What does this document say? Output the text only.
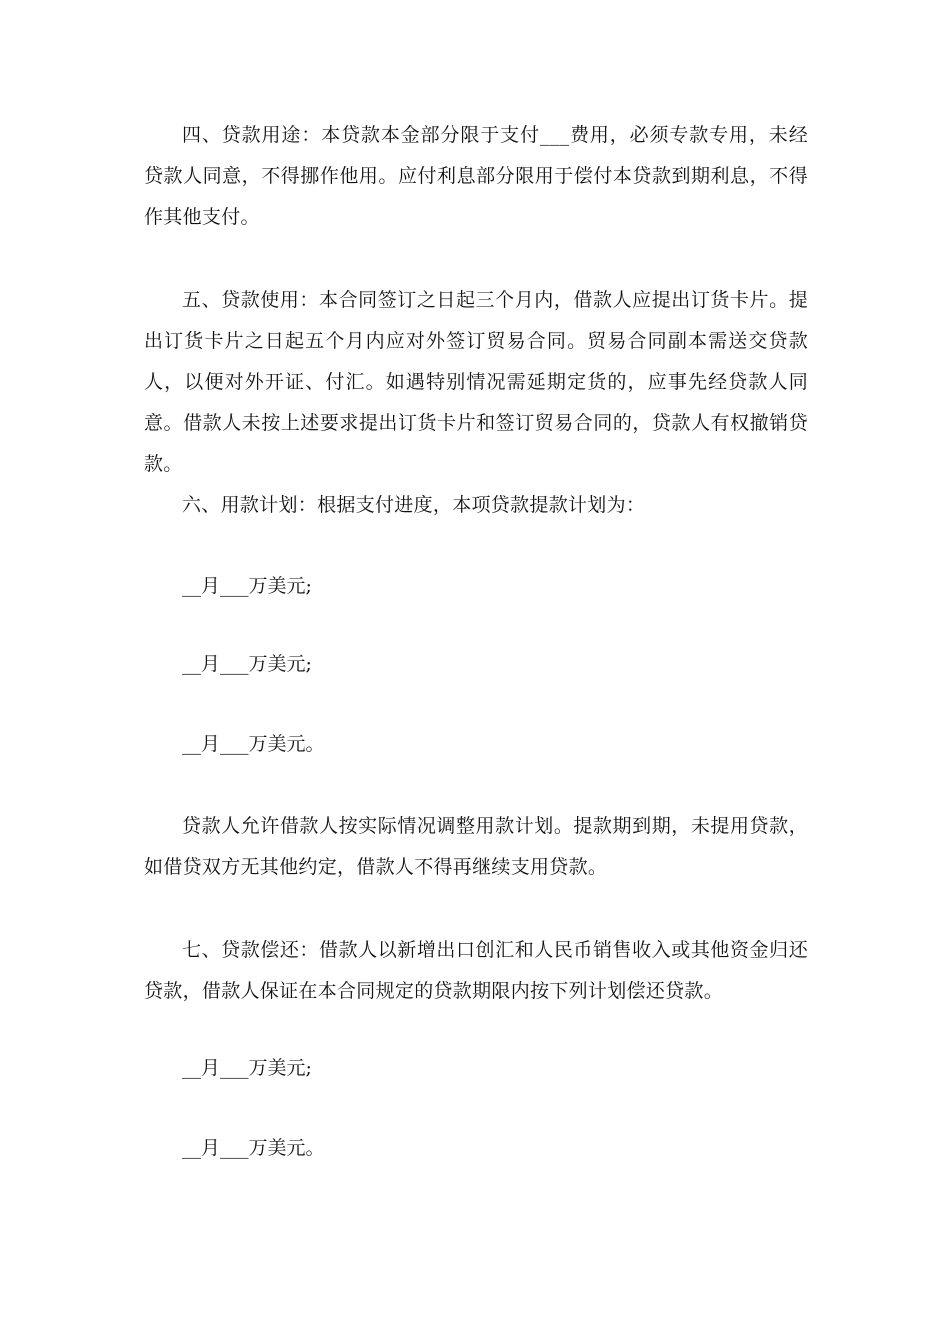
四、贷款用途：本贷款本金部分限于支付___费用，必须专款专用，未经贷款人同意，不得挪作他用。应付利息部分限用于偿付本贷款到期利息，不得作其他支付。

五、贷款使用：本合同签订之日起三个月内，借款人应提出订货卡片。提出订货卡片之日起五个月内应对外签订贸易合同。贸易合同副本需送交贷款人，以便对外开证、付汇。如遇特别情况需延期定货的，应事先经贷款人同意。借款人未按上述要求提出订货卡片和签订贸易合同的，贷款人有权撤销贷款。

六、用款计划：根据支付进度，本项贷款提款计划为：

__月___万美元;

__月___万美元;

__月___万美元。

贷款人允许借款人按实际情况调整用款计划。提款期到期，未提用贷款，如借贷双方无其他约定，借款人不得再继续支用贷款。

七、贷款偿还：借款人以新增出口创汇和人民币销售收入或其他资金归还贷款，借款人保证在本合同规定的贷款期限内按下列计划偿还贷款。

__月___万美元;

__月___万美元。
